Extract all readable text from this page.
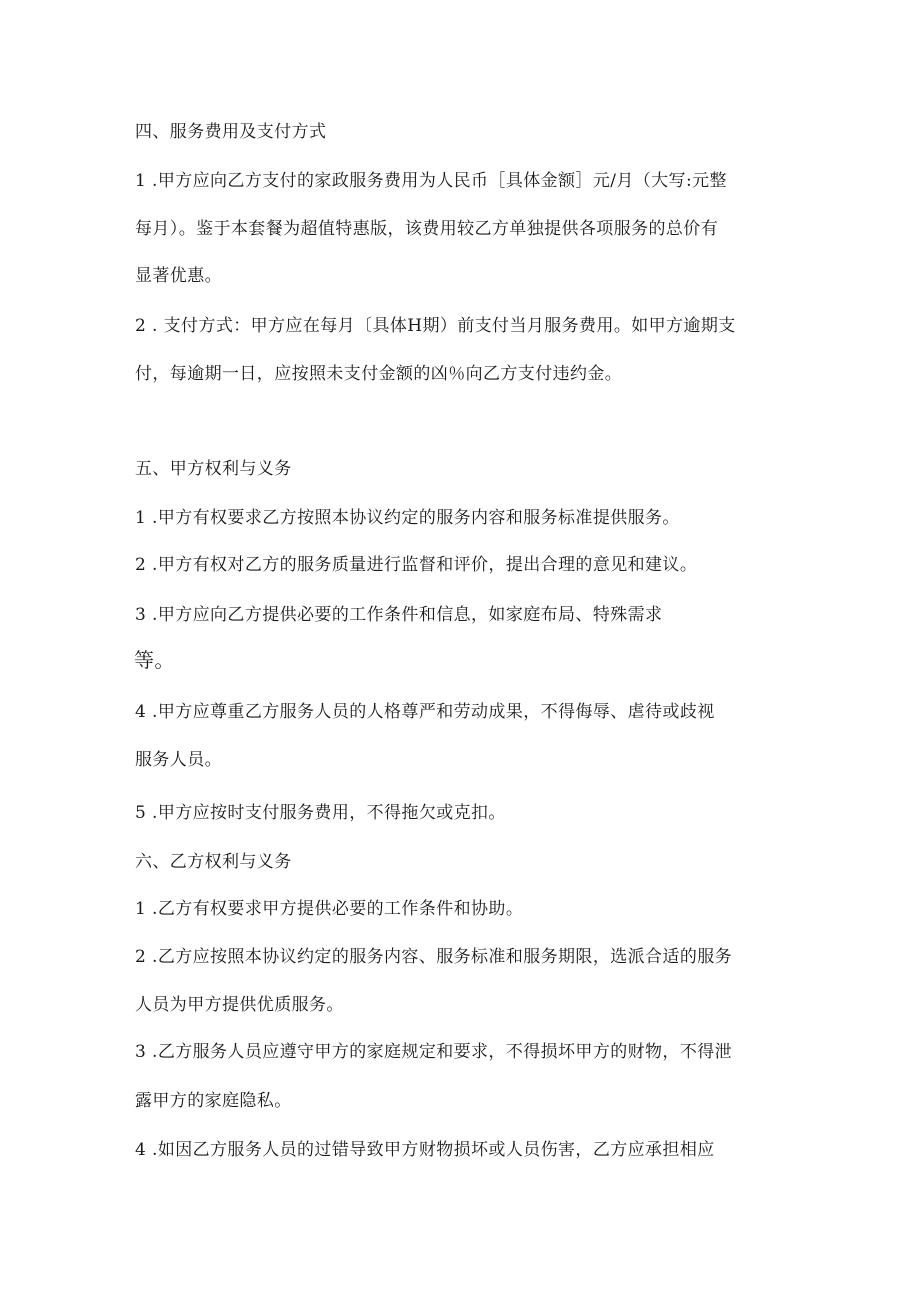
四、服务费用及支付方式

1 .甲方应向乙方支付的家政服务费用为人民币［具体金额］元/月（大写:元整

每月）。鉴于本套餐为超值特惠版，该费用较乙方单独提供各项服务的总价有

显著优惠。

2 . 支付方式：甲方应在每月〔具体H期）前支付当月服务费用。如甲方逾期支

付，每逾期一日，应按照未支付金额的凶％向乙方支付违约金。

五、甲方权利与义务

1 .甲方有权要求乙方按照本协议约定的服务内容和服务标准提供服务。

2 .甲方有权对乙方的服务质量进行监督和评价，提出合理的意见和建议。

3 .甲方应向乙方提供必要的工作条件和信息，如家庭布局、特殊需求

等。

4 .甲方应尊重乙方服务人员的人格尊严和劳动成果，不得侮辱、虐待或歧视

服务人员。

5 .甲方应按时支付服务费用，不得拖欠或克扣。

六、乙方权利与义务

1 .乙方有权要求甲方提供必要的工作条件和协助。

2 .乙方应按照本协议约定的服务内容、服务标准和服务期限，选派合适的服务

人员为甲方提供优质服务。

3 .乙方服务人员应遵守甲方的家庭规定和要求，不得损坏甲方的财物，不得泄

露甲方的家庭隐私。

4 .如因乙方服务人员的过错导致甲方财物损坏或人员伤害，乙方应承担相应
